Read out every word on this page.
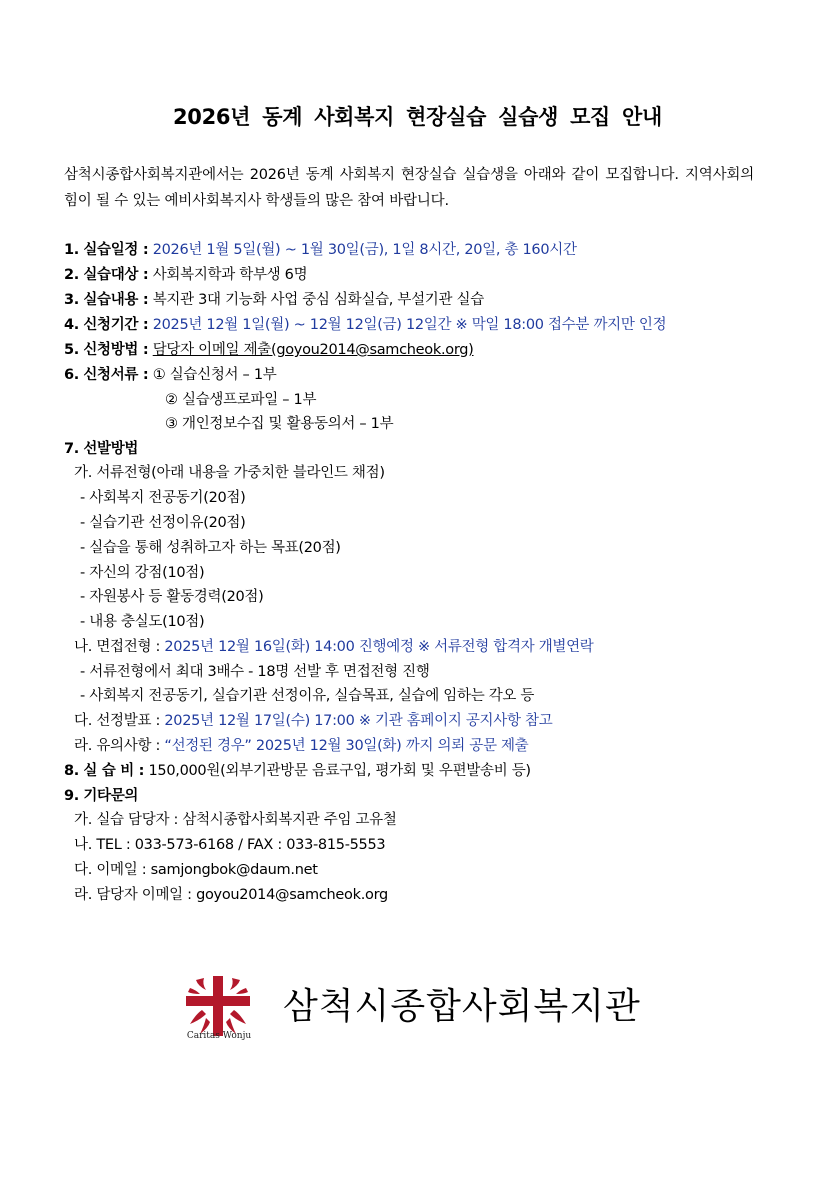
2026년 동계 사회복지 현장실습 실습생 모집 안내
삼척시종합사회복지관에서는 2026년 동계 사회복지 현장실습 실습생을 아래와 같이 모집합니다. 지역사회의 힘이 될 수 있는 예비사회복지사 학생들의 많은 참여 바랍니다.
1. 실습일정 : 2026년 1월 5일(월) ~ 1월 30일(금), 1일 8시간, 20일, 총 160시간
2. 실습대상 : 사회복지학과 학부생 6명
3. 실습내용 : 복지관 3대 기능화 사업 중심 심화실습, 부설기관 실습
4. 신청기간 : 2025년 12월 1일(월) ~ 12월 12일(금) 12일간 ※ 막일 18:00 접수분 까지만 인정
5. 신청방법 : 담당자 이메일 제출(goyou2014@samcheok.org)
6. 신청서류 : ① 실습신청서 – 1부
② 실습생프로파일 – 1부
③ 개인정보수집 및 활용동의서 – 1부
7. 선발방법
가. 서류전형(아래 내용을 가중치한 블라인드 채점)
- 사회복지 전공동기(20점)
- 실습기관 선정이유(20점)
- 실습을 통해 성취하고자 하는 목표(20점)
- 자신의 강점(10점)
- 자원봉사 등 활동경력(20점)
- 내용 충실도(10점)
나. 면접전형 : 2025년 12월 16일(화) 14:00 진행예정 ※ 서류전형 합격자 개별연락
- 서류전형에서 최대 3배수 - 18명 선발 후 면접전형 진행
- 사회복지 전공동기, 실습기관 선정이유, 실습목표, 실습에 임하는 각오 등
다. 선정발표 : 2025년 12월 17일(수) 17:00 ※ 기관 홈페이지 공지사항 참고
라. 유의사항 : “선정된 경우” 2025년 12월 30일(화) 까지 의뢰 공문 제출
8. 실 습 비 : 150,000원(외부기관방문 음료구입, 평가회 및 우편발송비 등)
9. 기타문의
가. 실습 담당자 : 삼척시종합사회복지관 주임 고유철
나. TEL : 033-573-6168 / FAX : 033-815-5553
다. 이메일 : samjongbok@daum.net
라. 담당자 이메일 : goyou2014@samcheok.org
Caritas Wonju
삼척시종합사회복지관
